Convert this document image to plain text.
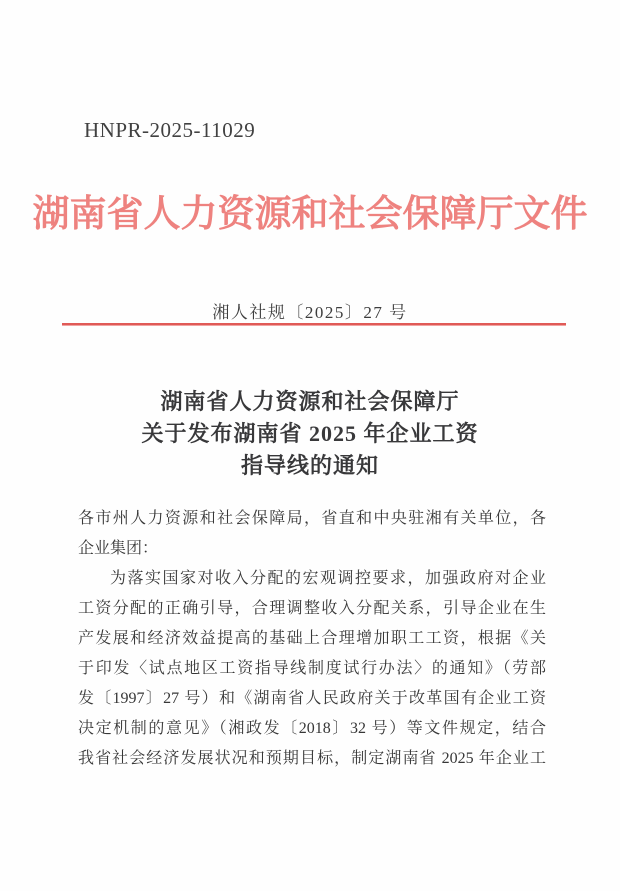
HNPR-2025-11029
湖南省人力资源和社会保障厅文件
湘人社规〔2025〕27 号
湖南省人力资源和社会保障厅
关于发布湖南省 2025 年企业工资
指导线的通知
各市州人力资源和社会保障局，省直和中央驻湘有关单位，各
企业集团：
为落实国家对收入分配的宏观调控要求，加强政府对企业
工资分配的正确引导，合理调整收入分配关系，引导企业在生
产发展和经济效益提高的基础上合理增加职工工资，根据《关
于印发〈试点地区工资指导线制度试行办法〉的通知》（劳部
发〔1997〕27 号）和《湖南省人民政府关于改革国有企业工资
决定机制的意见》（湘政发〔2018〕32 号）等文件规定，结合
我省社会经济发展状况和预期目标，制定湖南省 2025 年企业工
